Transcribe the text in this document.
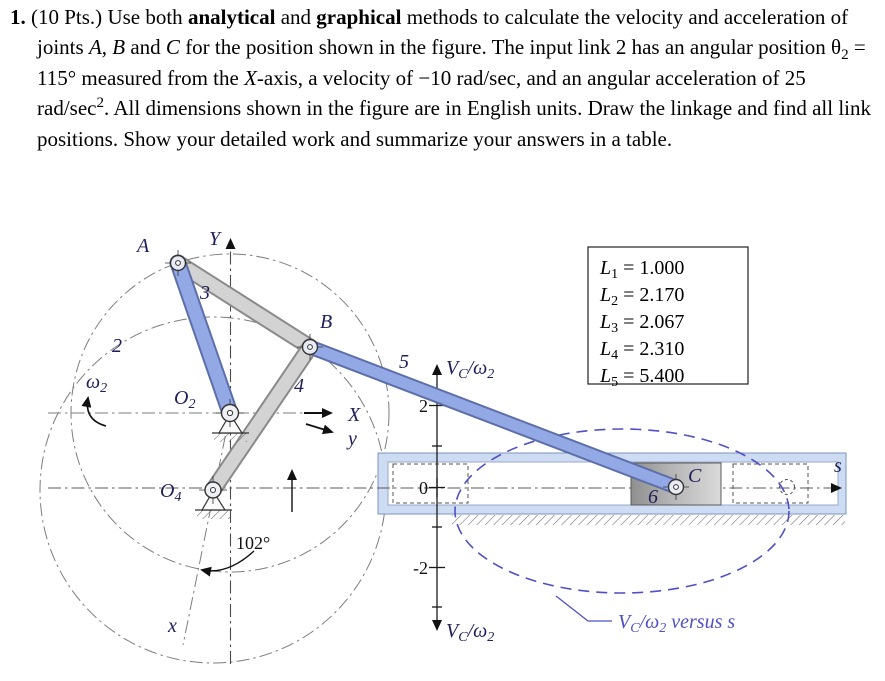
1. (10 Pts.) Use both analytical and graphical methods to calculate the velocity and acceleration of joints A, B and C for the position shown in the figure. The input link 2 has an angular position $\theta_2 = 115^\circ$ measured from the X-axis, a velocity of −10 rad/sec, and an angular acceleration of 25 rad/$\sec^2$. All dimensions shown in the figure are in English units. Draw the linkage and find all link positions. Show your detailed work and summarize your answers in a table.

$L_1 = 1.000$
$L_2 = 2.170$
$L_3 = 2.067$
$L_4 = 2.310$
$L_5 = 5.400$
A	Y
3
B
2
$\omega_2$	$O_2$
4
5
$O_4$
X
y
102°
x
s
C
6
2
0
-2
$V_C/\omega_2$
$V_C/\omega_2$
$V_C/\omega_2$ versus s
